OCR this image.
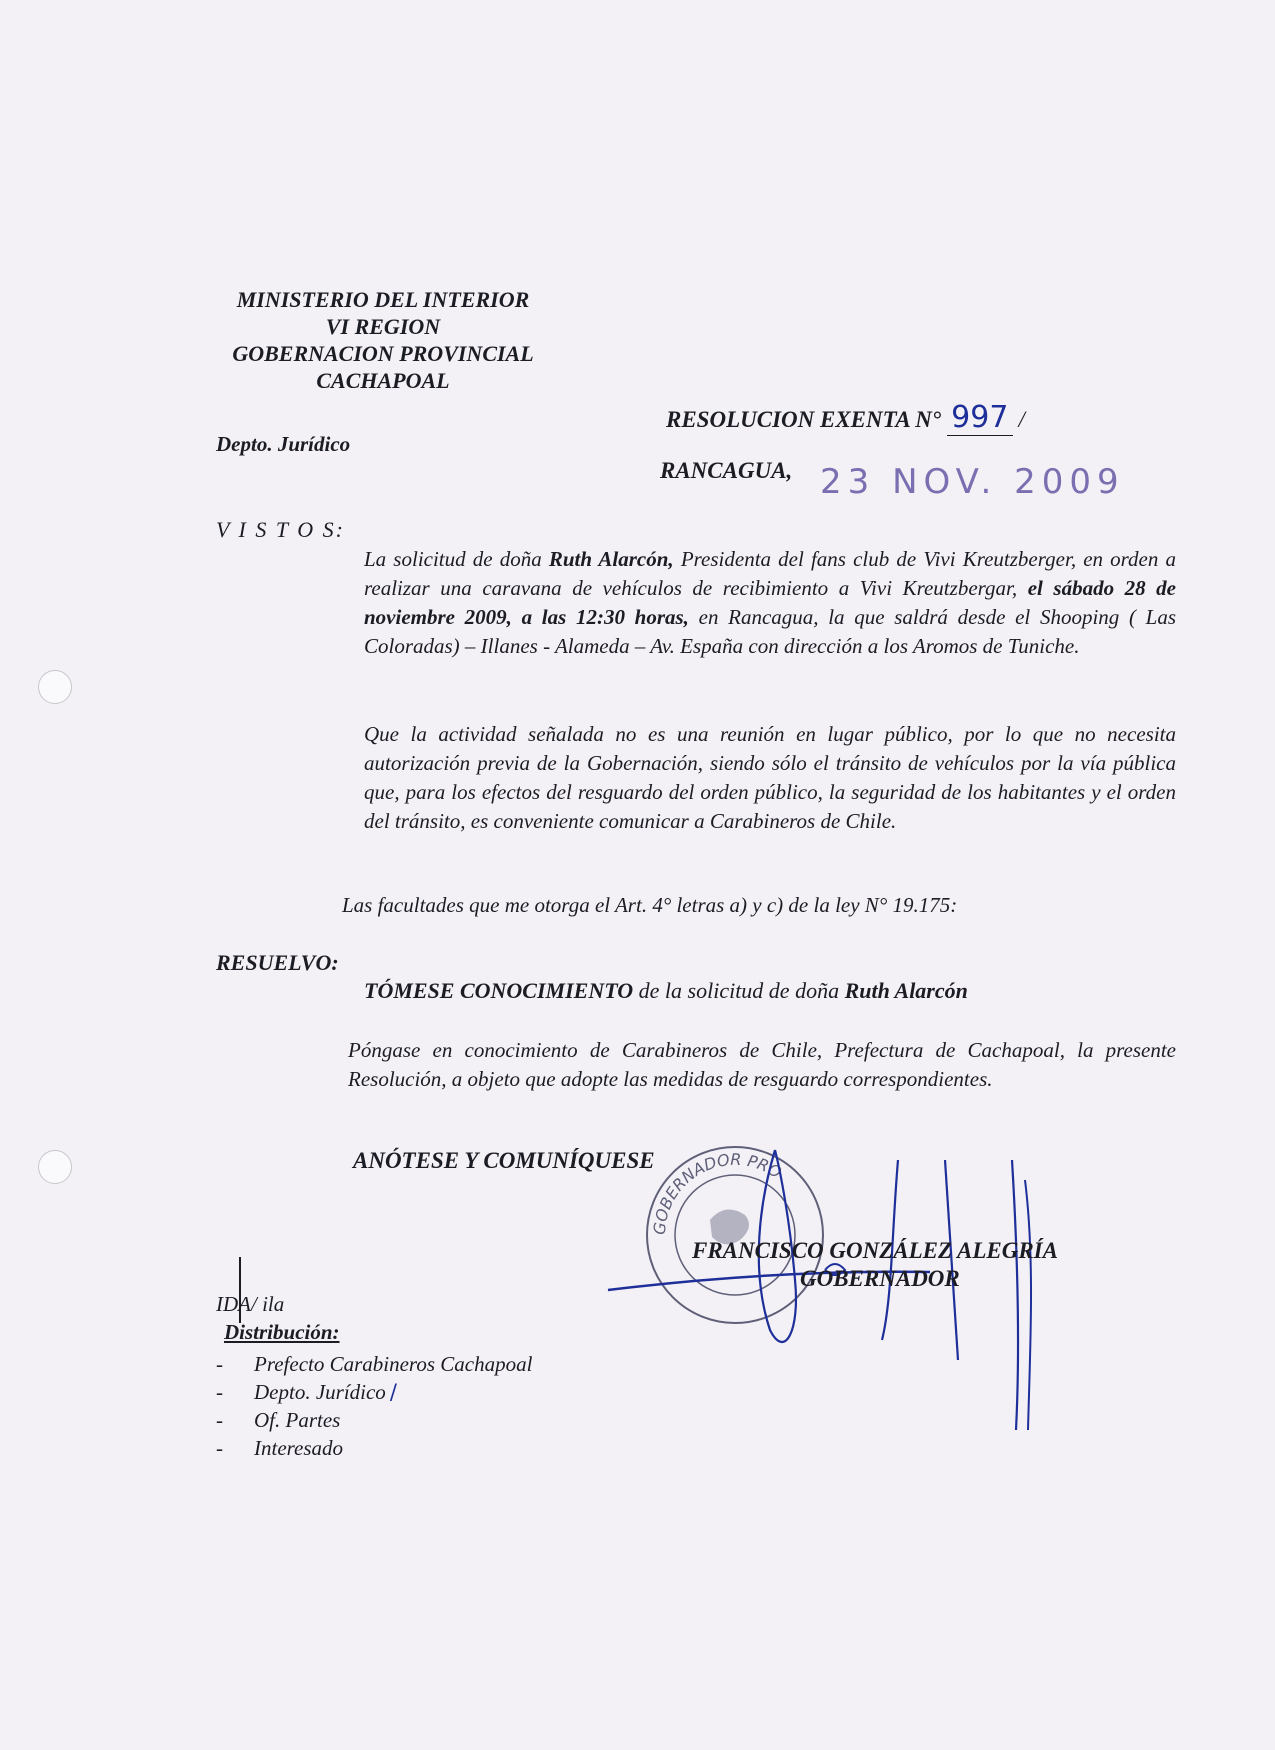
MINISTERIO DEL INTERIOR
VI REGION
GOBERNACION PROVINCIAL
CACHAPOAL
Depto. Jurídico
RESOLUCION EXENTA N° 997 /
RANCAGUA, 23 NOV. 2009
V I S T O S:
La solicitud de doña Ruth Alarcón, Presidenta del fans club de Vivi Kreutzberger, en orden a realizar una caravana de vehículos de recibimiento a Vivi Kreutzbergar, el sábado 28 de noviembre 2009, a las 12:30 horas, en Rancagua, la que saldrá desde el Shooping ( Las Coloradas) – Illanes - Alameda – Av. España con dirección a los Aromos de Tuniche.
Que la actividad señalada no es una reunión en lugar público, por lo que no necesita autorización previa de la Gobernación, siendo sólo el tránsito de vehículos por la vía pública que, para los efectos del resguardo del orden público, la seguridad de los habitantes y el orden del tránsito, es conveniente comunicar a Carabineros de Chile.
Las facultades que me otorga el Art. 4° letras a) y c) de la ley N° 19.175:
RESUELVO:
TÓMESE CONOCIMIENTO de la solicitud de doña Ruth Alarcón
Póngase en conocimiento de Carabineros de Chile, Prefectura de Cachapoal, la presente Resolución, a objeto que adopte las medidas de resguardo correspondientes.
ANÓTESE Y COMUNÍQUESE
GOBERNADOR PRO
FRANCISCO GONZÁLEZ ALEGRÍA
GOBERNADOR
IDA/ ila
Distribución:
- Prefecto Carabineros Cachapoal
- Depto. Jurídico /
- Of. Partes
- Interesado
